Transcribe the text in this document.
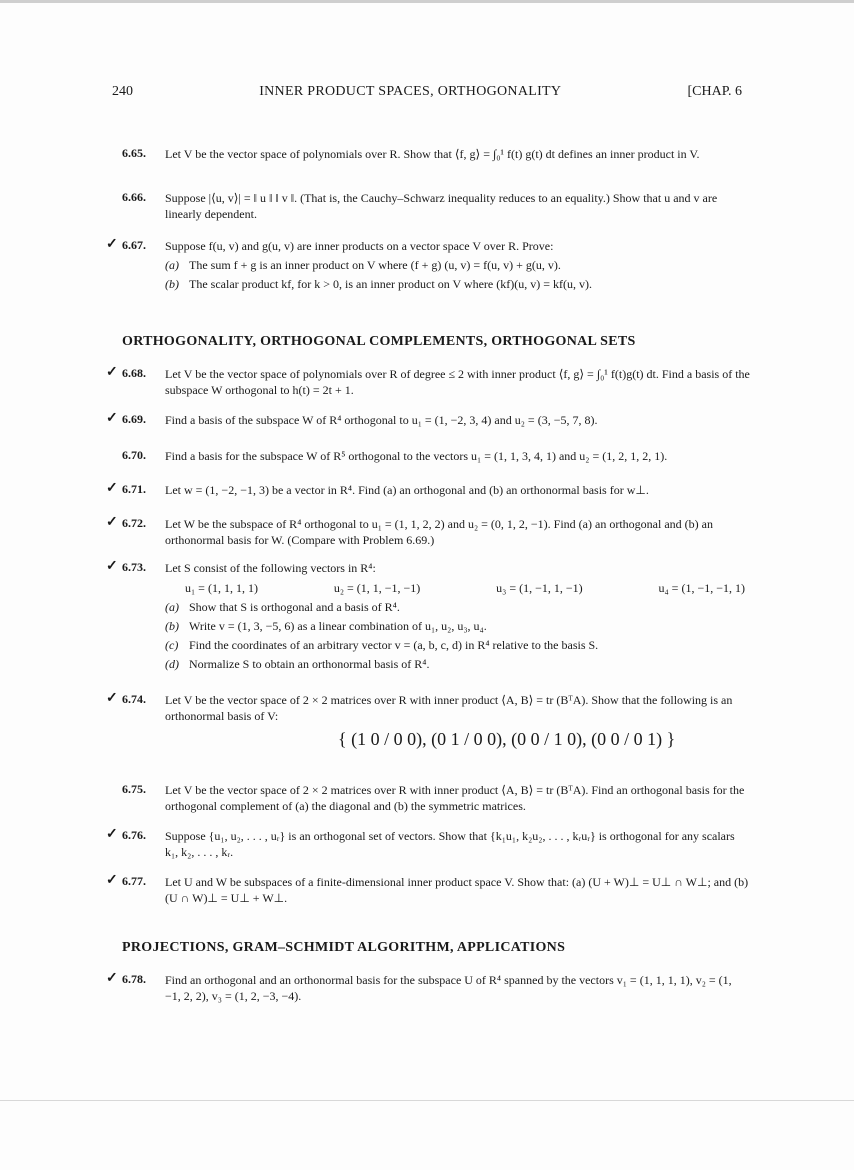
240	INNER PRODUCT SPACES, ORTHOGONALITY	[CHAP. 6
6.65. Let V be the vector space of polynomials over R. Show that ⟨f, g⟩ = ∫₀¹ f(t) g(t) dt defines an inner product in V.
6.66. Suppose |⟨u, v⟩| = ‖ u ‖ ‖ v ‖. (That is, the Cauchy–Schwarz inequality reduces to an equality.) Show that u and v are linearly dependent.
✓ 6.67. Suppose f(u, v) and g(u, v) are inner products on a vector space V over R. Prove:
(a) The sum f + g is an inner product on V where (f + g) (u, v) = f(u, v) + g(u, v).
(b) The scalar product kf, for k > 0, is an inner product on V where (kf)(u, v) = kf(u, v).
ORTHOGONALITY, ORTHOGONAL COMPLEMENTS, ORTHOGONAL SETS
✓ 6.68. Let V be the vector space of polynomials over R of degree ≤ 2 with inner product ⟨f, g⟩ = ∫₀¹ f(t)g(t) dt. Find a basis of the subspace W orthogonal to h(t) = 2t + 1.
✓ 6.69. Find a basis of the subspace W of R⁴ orthogonal to u₁ = (1, −2, 3, 4) and u₂ = (3, −5, 7, 8).
6.70. Find a basis for the subspace W of R⁵ orthogonal to the vectors u₁ = (1, 1, 3, 4, 1) and u₂ = (1, 2, 1, 2, 1).
✓ 6.71. Let w = (1, −2, −1, 3) be a vector in R⁴. Find (a) an orthogonal and (b) an orthonormal basis for w⊥.
✓ 6.72. Let W be the subspace of R⁴ orthogonal to u₁ = (1, 1, 2, 2) and u₂ = (0, 1, 2, −1). Find (a) an orthogonal and (b) an orthonormal basis for W. (Compare with Problem 6.69.)
✓ 6.73. Let S consist of the following vectors in R⁴:
u₁ = (1, 1, 1, 1)	u₂ = (1, 1, −1, −1)	u₃ = (1, −1, 1, −1)	u₄ = (1, −1, −1, 1)
(a) Show that S is orthogonal and a basis of R⁴.
(b) Write v = (1, 3, −5, 6) as a linear combination of u₁, u₂, u₃, u₄.
(c) Find the coordinates of an arbitrary vector v = (a, b, c, d) in R⁴ relative to the basis S.
(d) Normalize S to obtain an orthonormal basis of R⁴.
✓ 6.74. Let V be the vector space of 2 × 2 matrices over R with inner product ⟨A, B⟩ = tr (BᵀA). Show that the following is an orthonormal basis of V:
{ (1 0 / 0 0), (0 1 / 0 0), (0 0 / 1 0), (0 0 / 0 1) }
6.75. Let V be the vector space of 2 × 2 matrices over R with inner product ⟨A, B⟩ = tr (BᵀA). Find an orthogonal basis for the orthogonal complement of (a) the diagonal and (b) the symmetric matrices.
✓ 6.76. Suppose {u₁, u₂, . . . , uᵣ} is an orthogonal set of vectors. Show that {k₁u₁, k₂u₂, . . . , kᵣuᵣ} is orthogonal for any scalars k₁, k₂, . . . , kᵣ.
✓ 6.77. Let U and W be subspaces of a finite-dimensional inner product space V. Show that: (a) (U + W)⊥ = U⊥ ∩ W⊥; and (b) (U ∩ W)⊥ = U⊥ + W⊥.
PROJECTIONS, GRAM–SCHMIDT ALGORITHM, APPLICATIONS
✓ 6.78. Find an orthogonal and an orthonormal basis for the subspace U of R⁴ spanned by the vectors v₁ = (1, 1, 1, 1), v₂ = (1, −1, 2, 2), v₃ = (1, 2, −3, −4).
